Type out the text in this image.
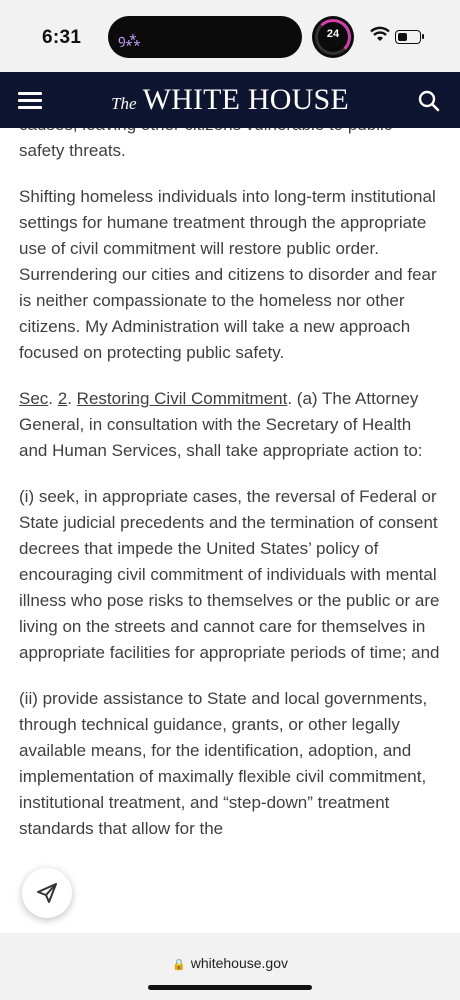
6:31	ꝯ⁂	24

safety threats.

Shifting homeless individuals into long-term institutional settings for humane treatment through the appropriate use of civil commitment will restore public order. Surrendering our cities and citizens to disorder and fear is neither compassionate to the homeless nor other citizens. My Administration will take a new approach focused on protecting public safety.

Sec. 2. Restoring Civil Commitment. (a) The Attorney General, in consultation with the Secretary of Health and Human Services, shall take appropriate action to:

(i) seek, in appropriate cases, the reversal of Federal or State judicial precedents and the termination of consent decrees that impede the United States’ policy of encouraging civil commitment of individuals with mental illness who pose risks to themselves or the public or are living on the streets and cannot care for themselves in appropriate facilities for appropriate periods of time; and

(ii) provide assistance to State and local governments, through technical guidance, grants, or other legally available means, for the identification, adoption, and implementation of maximally flexible civil commitment, institutional treatment, and “step-down” treatment standards that allow for the

The WHITE HOUSE
🔒 whitehouse.gov
